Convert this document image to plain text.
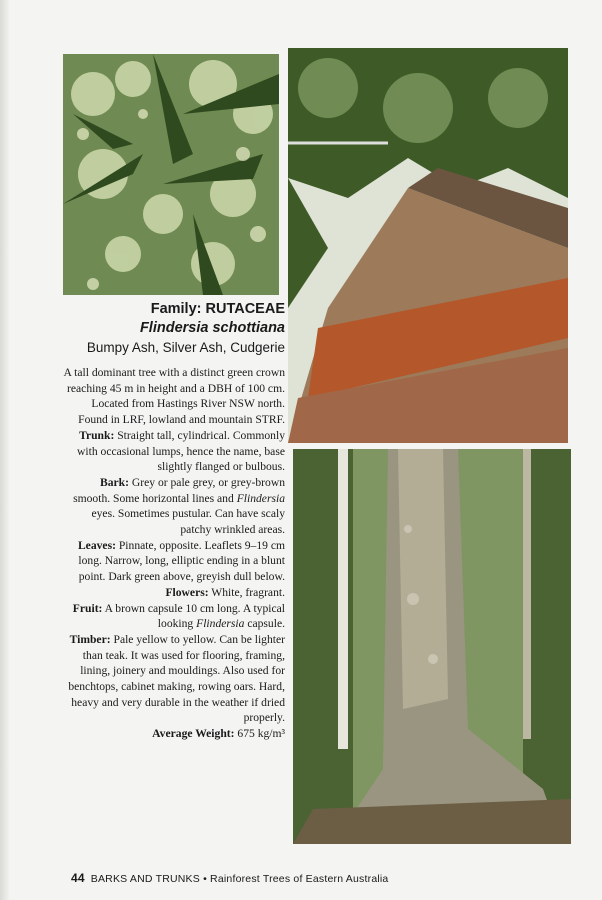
Family: RUTACEAE
Flindersia schottiana
Bumpy Ash, Silver Ash, Cudgerie

A tall dominant tree with a distinct green crown reaching 45 m in height and a DBH of 100 cm. Located from Hastings River NSW north. Found in LRF, lowland and mountain STRF.

Trunk: Straight tall, cylindrical. Commonly with occasional lumps, hence the name, base slightly flanged or bulbous.

Bark: Grey or pale grey, or grey-brown smooth. Some horizontal lines and Flindersia eyes. Sometimes pustular. Can have scaly patchy wrinkled areas.

Leaves: Pinnate, opposite. Leaflets 9–19 cm long. Narrow, long, elliptic ending in a blunt point. Dark green above, greyish dull below.

Flowers: White, fragrant.

Fruit: A brown capsule 10 cm long. A typical looking Flindersia capsule.

Timber: Pale yellow to yellow. Can be lighter than teak. It was used for flooring, framing, lining, joinery and mouldings. Also used for benchtops, cabinet making, rowing oars. Hard, heavy and very durable in the weather if dried properly.

Average Weight: 675 kg/m³

44 BARKS AND TRUNKS • Rainforest Trees of Eastern Australia
